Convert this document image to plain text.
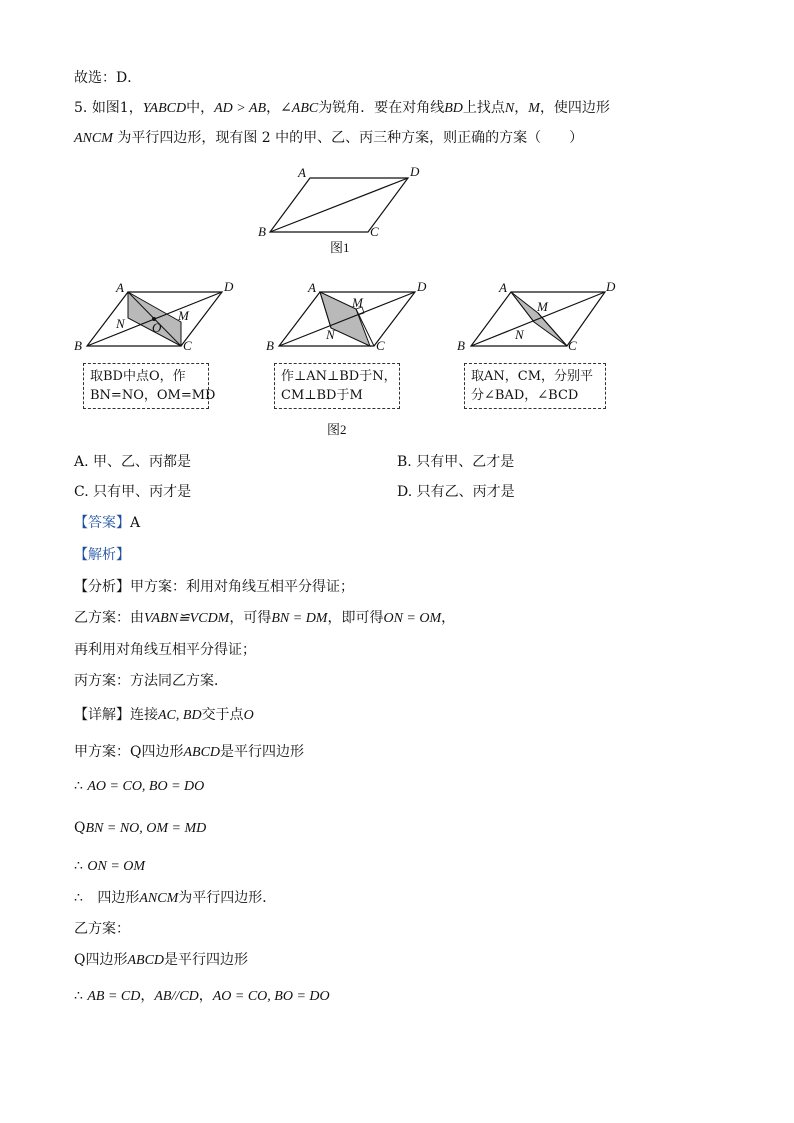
故选：D．
5. 如图1，YABCD中，AD > AB，∠ABC为锐角．要在对角线BD上找点N，M，使四边形
ANCM 为平行四边形，现有图 2 中的甲、乙、丙三种方案，则正确的方案（　　）
A	D
B	C
图1
A	D
B	C
N
M
O
A	D
B	C
N
M
A	D
B	C
N
M
图2
取BD中点O，作
BN=NO，OM=MD
作⊥AN⊥BD于N，
CM⊥BD于M
取AN，CM，分别平
分∠BAD，∠BCD
A. 甲、乙、丙都是	B. 只有甲、乙才是
C. 只有甲、丙才是	D. 只有乙、丙才是
【答案】A
【解析】
【分析】甲方案：利用对角线互相平分得证；
乙方案：由VABN≌VCDM，可得BN = DM，即可得ON = OM，
再利用对角线互相平分得证；
丙方案：方法同乙方案．
【详解】连接AC, BD交于点O
甲方案：Q四边形ABCD是平行四边形
∴ AO = CO, BO = DO
QBN = NO, OM = MD
∴ ON = OM
∴ 四边形ANCM为平行四边形．
乙方案：
Q四边形ABCD是平行四边形
∴ AB = CD，AB//CD，AO = CO, BO = DO
